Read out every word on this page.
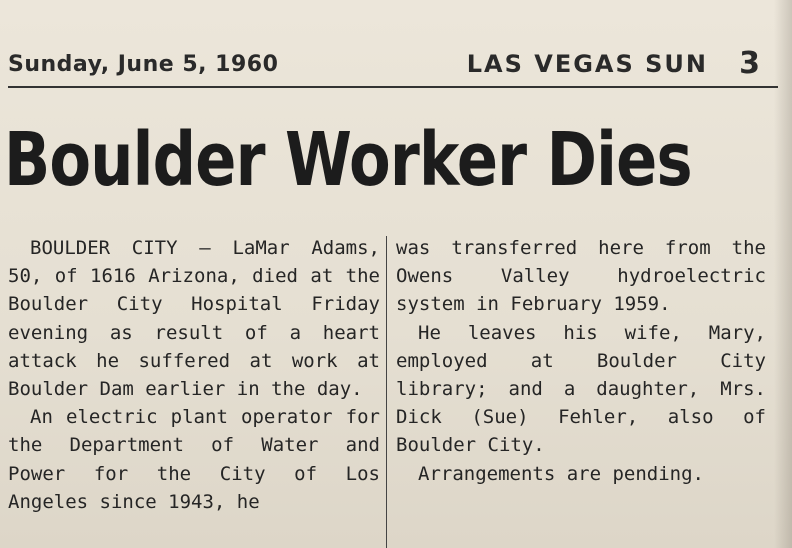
Sunday, June 5, 1960	LAS VEGAS SUN 3
Boulder Worker Dies

BOULDER CITY — LaMar Adams, 50, of 1616 Arizona, died at the Boulder City Hospital Friday evening as result of a heart attack he suffered at work at Boulder Dam earlier in the day.

An electric plant operator for the Department of Water and Power for the City of Los Angeles since 1943, he

was transferred here from the Owens Valley hydroelectric system in February 1959.

He leaves his wife, Mary, employed at Boulder City library; and a daughter, Mrs. Dick (Sue) Fehler, also of Boulder City.

Arrangements are pending.
